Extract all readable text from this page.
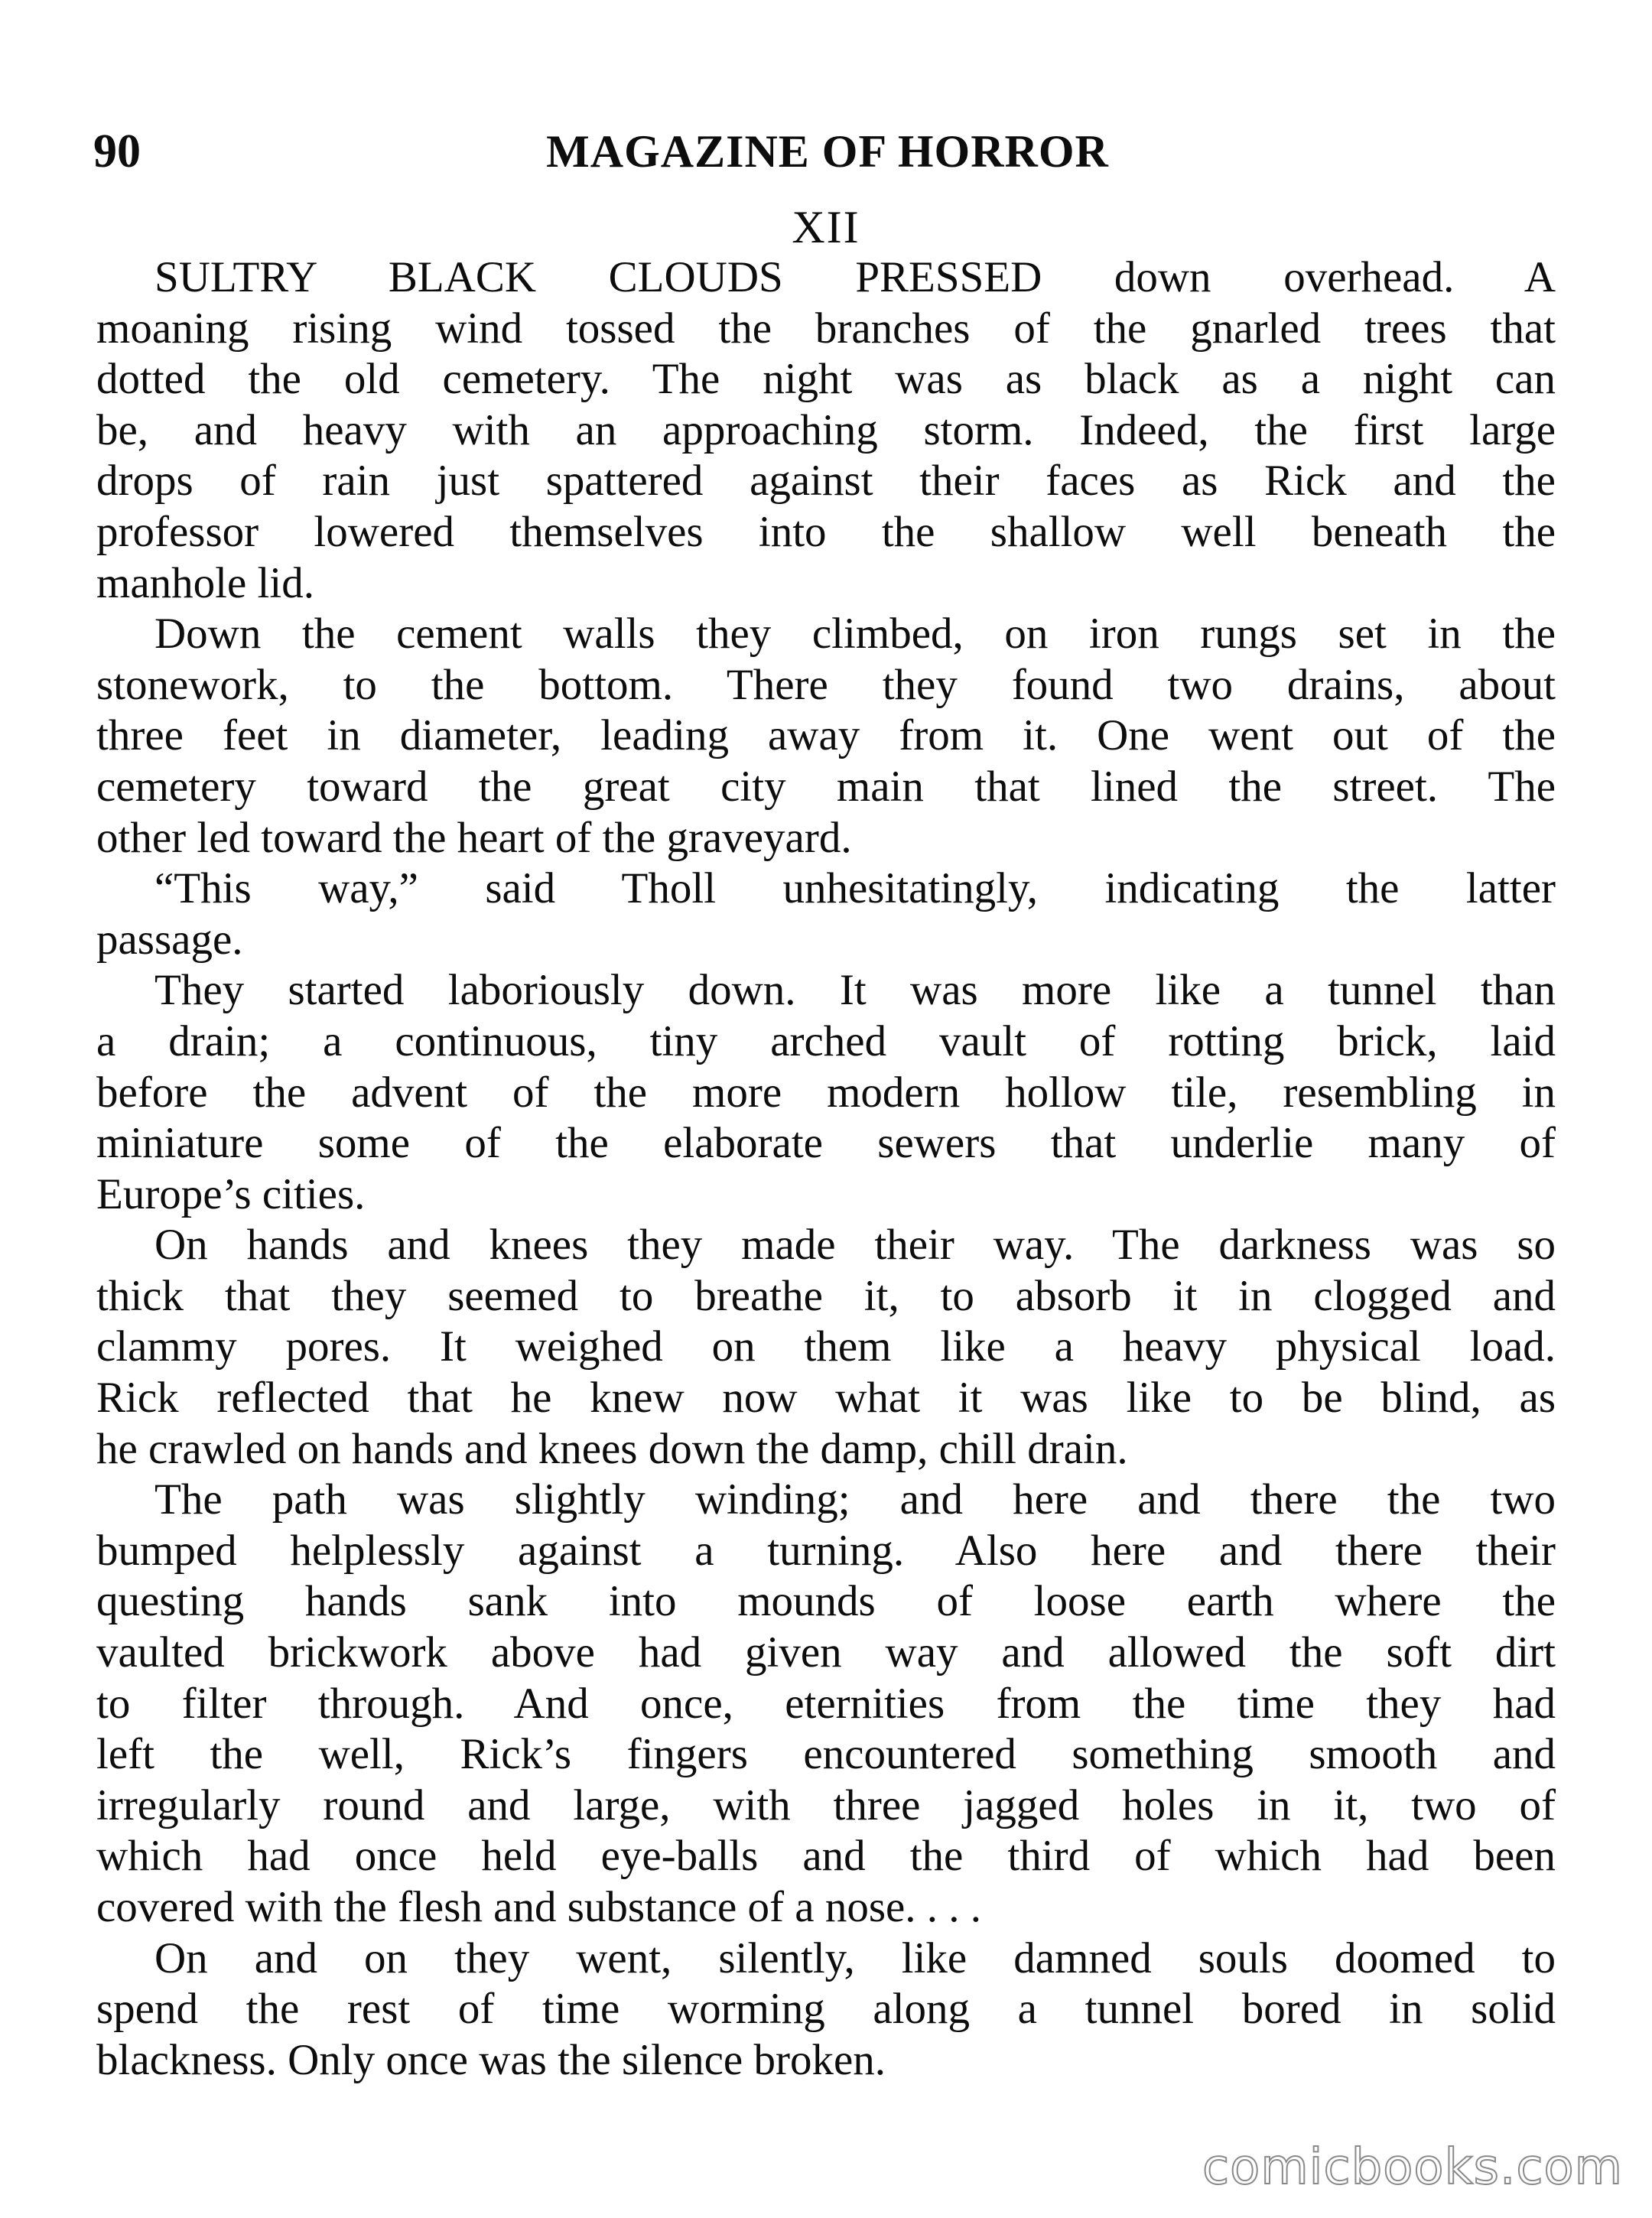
90	MAGAZINE OF HORROR
XII
SULTRY BLACK CLOUDS PRESSED down overhead. A
moaning rising wind tossed the branches of the gnarled trees that
dotted the old cemetery. The night was as black as a night can
be, and heavy with an approaching storm. Indeed, the first large
drops of rain just spattered against their faces as Rick and the
professor lowered themselves into the shallow well beneath the
manhole lid.
Down the cement walls they climbed, on iron rungs set in the
stonework, to the bottom. There they found two drains, about
three feet in diameter, leading away from it. One went out of the
cemetery toward the great city main that lined the street. The
other led toward the heart of the graveyard.
“This way,” said Tholl unhesitatingly, indicating the latter
passage.
They started laboriously down. It was more like a tunnel than
a drain; a continuous, tiny arched vault of rotting brick, laid
before the advent of the more modern hollow tile, resembling in
miniature some of the elaborate sewers that underlie many of
Europe’s cities.
On hands and knees they made their way. The darkness was so
thick that they seemed to breathe it, to absorb it in clogged and
clammy pores. It weighed on them like a heavy physical load.
Rick reflected that he knew now what it was like to be blind, as
he crawled on hands and knees down the damp, chill drain.
The path was slightly winding; and here and there the two
bumped helplessly against a turning. Also here and there their
questing hands sank into mounds of loose earth where the
vaulted brickwork above had given way and allowed the soft dirt
to filter through. And once, eternities from the time they had
left the well, Rick’s fingers encountered something smooth and
irregularly round and large, with three jagged holes in it, two of
which had once held eye-balls and the third of which had been
covered with the flesh and substance of a nose. . . .
On and on they went, silently, like damned souls doomed to
spend the rest of time worming along a tunnel bored in solid
blackness. Only once was the silence broken.
comicbooks.com
